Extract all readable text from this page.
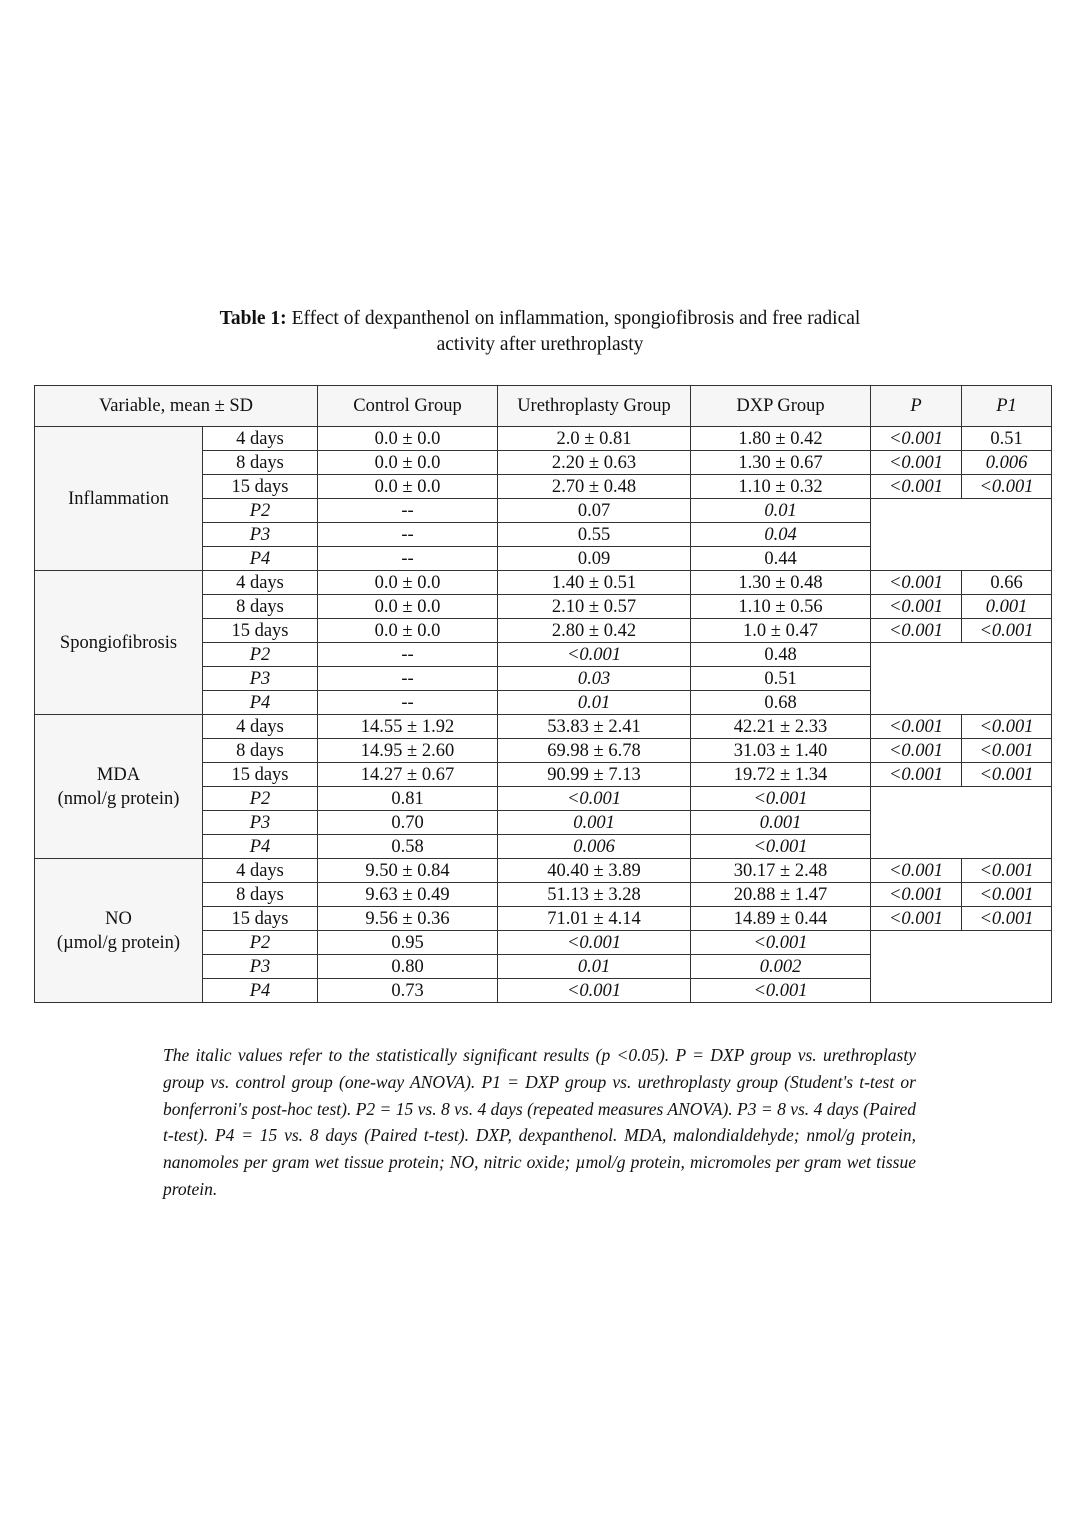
Table 1: Effect of dexpanthenol on inflammation, spongiofibrosis and free radical
activity after urethroplasty
Variable, mean ± SD		Control Group	Urethroplasty Group	DXP Group	P	P1

Inflammation	4 days	0.0 ± 0.0	2.0 ± 0.81	1.80 ± 0.42	<0.001	0.51
	8 days	0.0 ± 0.0	2.20 ± 0.63	1.30 ± 0.67	<0.001	0.006
	15 days	0.0 ± 0.0	2.70 ± 0.48	1.10 ± 0.32	<0.001	<0.001
	P2	--	0.07	0.01		
	P3	--	0.55	0.04		
	P4	--	0.09	0.44		

Spongiofibrosis	4 days	0.0 ± 0.0	1.40 ± 0.51	1.30 ± 0.48	<0.001	0.66
	8 days	0.0 ± 0.0	2.10 ± 0.57	1.10 ± 0.56	<0.001	0.001
	15 days	0.0 ± 0.0	2.80 ± 0.42	1.0 ± 0.47	<0.001	<0.001
	P2	--	<0.001	0.48		
	P3	--	0.03	0.51		
	P4	--	0.01	0.68		

MDA
(nmol/g protein)	4 days	14.55 ± 1.92	53.83 ± 2.41	42.21 ± 2.33	<0.001	<0.001
	8 days	14.95 ± 2.60	69.98 ± 6.78	31.03 ± 1.40	<0.001	<0.001
	15 days	14.27 ± 0.67	90.99 ± 7.13	19.72 ± 1.34	<0.001	<0.001
	P2	0.81	<0.001	<0.001		
	P3	0.70	0.001	0.001		
	P4	0.58	0.006	<0.001		

NO
(µmol/g protein)	4 days	9.50 ± 0.84	40.40 ± 3.89	30.17 ± 2.48	<0.001	<0.001
	8 days	9.63 ± 0.49	51.13 ± 3.28	20.88 ± 1.47	<0.001	<0.001
	15 days	9.56 ± 0.36	71.01 ± 4.14	14.89 ± 0.44	<0.001	<0.001
	P2	0.95	<0.001	<0.001		
	P3	0.80	0.01	0.002		
	P4	0.73	<0.001	<0.001		
The italic values refer to the statistically significant results (p <0.05). P = DXP group vs. urethroplasty group vs. control group (one-way ANOVA). P1 = DXP group vs. urethroplasty group (Student's t-test or bonferroni's post-hoc test). P2 = 15 vs. 8 vs. 4 days (repeated measures ANOVA). P3 = 8 vs. 4 days (Paired t-test). P4 = 15 vs. 8 days (Paired t-test). DXP, dexpanthenol. MDA, malondialdehyde; nmol/g protein, nanomoles per gram wet tissue protein; NO, nitric oxide; µmol/g protein, micromoles per gram wet tissue protein.
